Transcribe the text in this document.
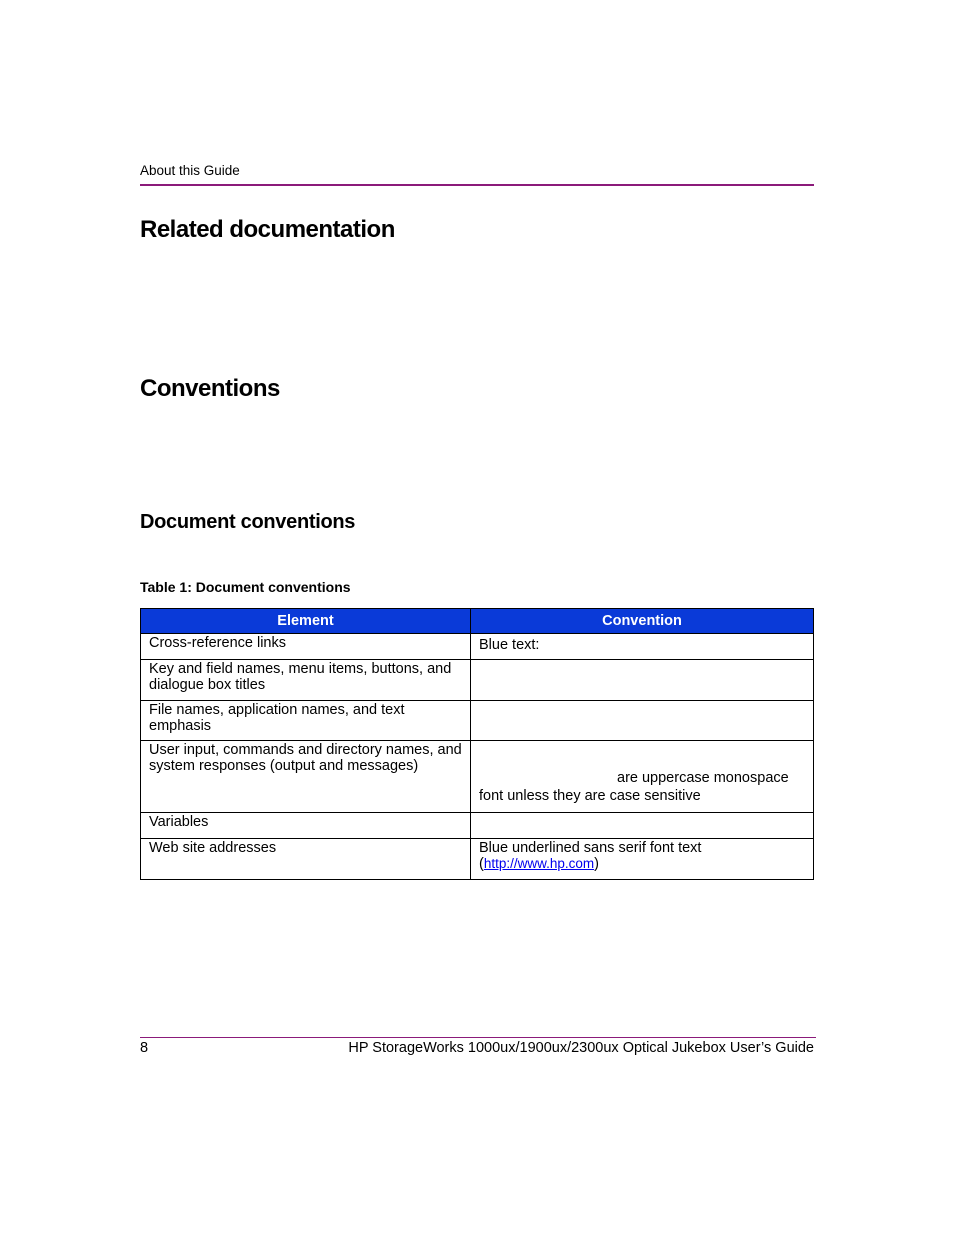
About this Guide
Related documentation
Conventions
Document conventions
Table 1: Document conventions
Element	Convention
Cross-reference links	Blue text:
Key and field names, menu items, buttons, and dialogue box titles	
File names, application names, and text emphasis	
User input, commands and directory names, and system responses (output and messages)	are uppercase monospace
font unless they are case sensitive

Variables	
Web site addresses	Blue underlined sans serif font text
(http://www.hp.com)
8	HP StorageWorks 1000ux/1900ux/2300ux Optical Jukebox User’s Guide
